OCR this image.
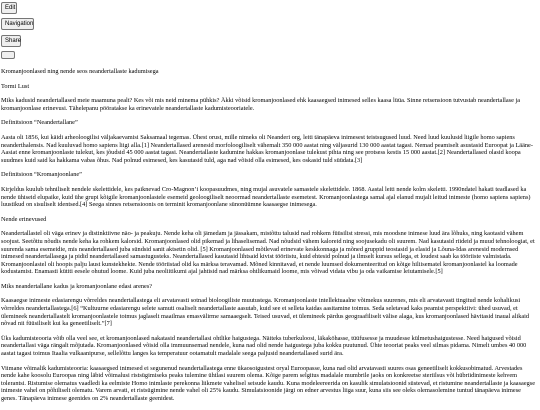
Edit
Navigation
Share

Kromanjoonlased ning nende seos neandertallaste kadumisega

Tormi Lust

Miks kadusid neandertallased meie maamuna pealt? Kes või mis neid minema pühkis? Äkki võisid kromanjoonlased ehk kaasaegsed inimesed selles kaasa lüüa. Sinne retsensioon tutvustab neandertallase ja kromanjoonlase erinevusi. Tähelepanu pööratakse ka erinevatele neandertallaste kadumisteooriatele.

Definitsioon “Neandertallane”

Aasta oli 1856, kui käidi arheoloogilisi väljakaevamisi Saksamaal tegemas. Ühest orust, mille nimeks oli Neanderi org, leiti tänapäeva inimesest teistsugused luud. Need luud kuulusid liigile homo sapiens neanderthalensis. Nad kuuluvad homo sapiens liigi alla.[1] Neandertallased arenesid morfoloogiliselt vähemalt 350 000 aastat ning väljasurid 130 000 aastat tagasi. Nemad peamiselt asustasid Euroopat ja Lääne-Aasiat enne kromanjoonlaste tulekut, kes jõudsid 45 000 aastat tagasi. Neandertallaste kadumine hakkas kromanjoonlase tulekust pihta ning see protsess kestis 15 000 aastat.[2] Neandertallased olasid koopa suudmes kuid said ka hakkama vabas õhus. Nad polnud esimesed, kes kasutasid tuld, aga nad võisid olla esimesed, kes oskasid tuld süüdata.[3]

Definitsioon “Kromanjoonlane”

Kirjeldus kuulub tehniliselt nendele skelettidele, kes paiknevad Cro-Magnon’i koopasuudmes, ning mujal asuvatele samastele skelettidele. 1868. Aastal leiti nende kolm skeletti. 1990ndatel hakati teadlased ka nende ühiseid elupaike, kuid ühe grupi kõigile kromanjoonlastele esemeid geoloogiliselt neoormad neandertallaste esemetest. Kromanjoonlastega samal ajal elanud mujalt leitud inimeste (homo sapiens sapiens) luustikud on sisuliselt identsed.[4] Seega sinnes retsensioonis on terminit kromanjoonlane sünonüümne kaasaegse inimesega.

Nende erinevused

Neandertallastel oli väga erinev ja distinktiivne näo- ja peakuju. Nende keha oli jämedam ja jässakam, mistõttu talusid nad rohkem füüsilist stressi, mis moodsne inimese luud ära lõhuks, ning kaotasid vähem soojust. Seetõttu nõudis nende keha ka rohkem kalorsid. Kromanjoonlased olid pikemad ja lihaselisemad. Nad nõudsid vähem kaloreid ning soojusekadu oli suurem. Nad kasutasid riideid ja muud tehnoloogiat, et suurenda sama esemeidie, mis neandertallased juba sündsid sanit aktsetin olid. [5] Kromanjoonlased mõtlevad erinevate keskkonnaga ja mõned gruppid teostasid ja elasid ja Lõuna-Idas arenesid modernsed inimesed neandertallasega ja pidid neandertallased samastugusteks. Neandertallased kasutasid lihtsaid kivist tööriistu, kuid ehtesid polnud ja ilmselt kursus sellega, et loudest saab ka tööriiste valmistada. Kromanjoonlastel oli hoopis palju laust kunstekhekte. Nende tööriistad olid ka märksa teravamad. Mõned kinnitavad, et nende luumsed dokumenteeritud on kõige hiliisematel kromanjoonlastel ka loomade kodustamist. Enamasti kütiti eesele ohutud loome. Kuid juba neoliitikumi ajal jahtisid nad märksa ohtlikumaid loome, mis võivad vidata vibu ja oda vaikamise leiutamisele.[5]

Miks neandertallane kadus ja kromanjoonlane edasi arenes?

Kaasaegse inimeste edasiarengu võrreldes neandertallastega eli arvatavasti sotnad bioloogiliste muutustega. Kromanjoonlaste intellektuaalne võimekus suurenes, mis eli arvatavasti tingitud nende kohalikusi võrreldes neandertallastega.[6] “Kultuurne edasiarengu selete samuti osaliselt neandertallaste aasutab, kuid see ei selleta kaidas aasitamine toimus. Seda seletavad kaks peamist perspektiivi: ühed usuvad, et ülemineek neandertallastelt kromanjoonlastele toimus jaglaselt maailmas emasvälirme samaaegselt. Teised usuvad, et ülemineek pärdus geograafiliselt välise alaga, kus kromanjoonlased hävitasid inaual alikaid nõvad nii füüsiliselt kui ka geneetiliselt.”[7]

Üks kadumisteooria võib olla veel see, et kromanjoonlased nakatasid neandertallasi ohtlike haigustega. Näiteks tuberkuloosi, läkaköhasse, tüüfusesse ja muudesse külmetushaigustesse. Need haigused võisid neandertallasi väga rängalt mõjutada. Kromanjoonlased võisid olla immuunsemad nendele, kuna nad olid nende haigustega juba kokku puutunud. Ühte teooriat peaks veel silmas pidama. Nimelt umbes 40 000 aastat tagasi toimus Itaalia vulkaanipurse, sellelõttu langes ka temperatuur ootamatult madalale seega paljusid neandertallased surid ära.

Viimane võimalik kadumisteooria: kaasaegsed inimesed ei segunenud neandertallastega enne ükaosoigustest oryal Euroopasse, kuna nad olid arvatavasti suures osas geneetiliselt kokkusobimatud. Arvestades nende kahe koosolu Euroopas ning läbid võimalusi ristsügimiseks peaks tulemine ühtlasi suurem olema. Kõige parem selgitus madalale mumbrile jaoks on konkreetse steriilsus või hübriidinimeste kehvem tolerantsi. Ristumise olematus vaadledi ka eelmiste Homo inimlaste perekonna liikmete vahelisel seisude kaudu. Kuna modeleereerida on kasulik simulatsioonid süstevad, et ristumine neandertallaste ja kaasaegse inimeste vahel on põhiliselt olematu. Varem arvati, et ristsügimine nende vahel oli 25% kaudu. Simulatsioonide järgi on edner arvestus liiga suur, kuna siis see oleks olemasolemine tuntud tänapäeva inimese genes. Tänapäeva inimese geenides on 2% neandertallaste geenidest.
